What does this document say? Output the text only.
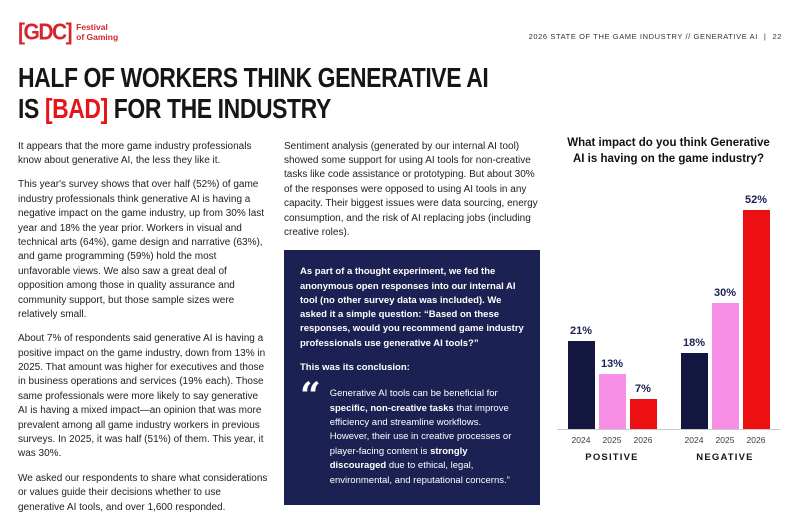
[GDC] Festival
of Gaming	2026 STATE OF THE GAME INDUSTRY // GENERATIVE AI | 22
HALF OF WORKERS THINK GENERATIVE AI
IS [BAD] FOR THE INDUSTRY

It appears that the more game industry professionals know about generative AI, the less they like it.

This year's survey shows that over half (52%) of game industry professionals think generative AI is having a negative impact on the game industry, up from 30% last year and 18% the year prior. Workers in visual and technical arts (64%), game design and narrative (63%), and game programming (59%) hold the most unfavorable views. We also saw a great deal of opposition among those in quality assurance and community support, but those sample sizes were relatively small.

About 7% of respondents said generative AI is having a positive impact on the game industry, down from 13% in 2025. That amount was higher for executives and those in business operations and services (19% each). Those same professionals were more likely to say generative AI is having a mixed impact—an opinion that was more prevalent among all game industry workers in previous surveys. In 2025, it was half (51%) of them. This year, it was 30%.

We asked our respondents to share what considerations or values guide their decisions whether to use generative AI tools, and over 1,600 responded.

Sentiment analysis (generated by our internal AI tool) showed some support for using AI tools for non-creative tasks like code assistance or prototyping. But about 30% of the responses were opposed to using AI tools in any capacity. Their biggest issues were data sourcing, energy consumption, and the risk of AI replacing jobs (including creative roles).

As part of a thought experiment, we fed the anonymous open responses into our internal AI tool (no other survey data was included). We asked it a simple question: “Based on these responses, would you recommend game industry professionals use generative AI tools?”

This was its conclusion:

“ Generative AI tools can be beneficial for specific, non-creative tasks that improve efficiency and streamline workflows. However, their use in creative processes or player-facing content is strongly discouraged due to ethical, legal, environmental, and reputational concerns.”
What impact do you think Generative AI is having on the game industry?
21%
13%
7%
18%
30%
52%
2024	2025	2026
POSITIVE
2024	2025	2026
NEGATIVE
